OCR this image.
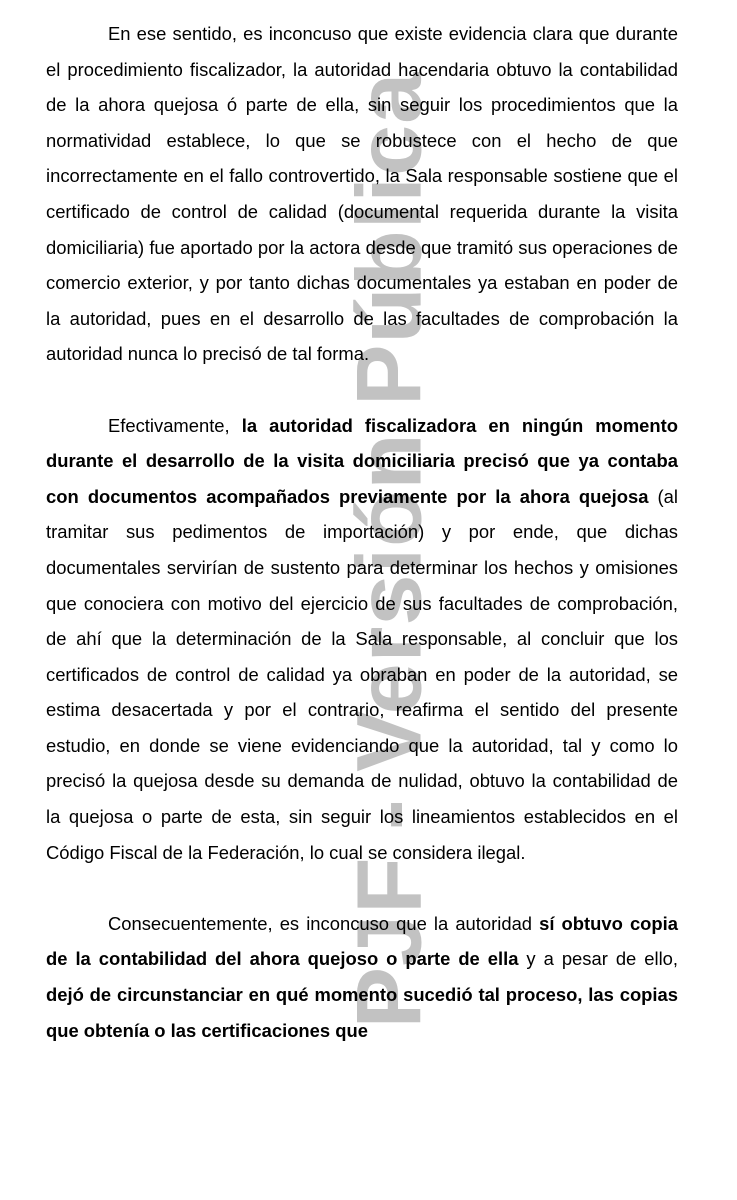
PJF - Versión Pública

En ese sentido, es inconcuso que existe evidencia clara que durante el procedimiento fiscalizador, la autoridad hacendaria obtuvo la contabilidad de la ahora quejosa ó parte de ella, sin seguir los procedimientos que la normatividad establece, lo que se robustece con el hecho de que incorrectamente en el fallo controvertido, la Sala responsable sostiene que el certificado de control de calidad (documental requerida durante la visita domiciliaria) fue aportado por la actora desde que tramitó sus operaciones de comercio exterior, y por tanto dichas documentales ya estaban en poder de la autoridad, pues en el desarrollo de las facultades de comprobación la autoridad nunca lo precisó de tal forma.

Efectivamente, la autoridad fiscalizadora en ningún momento durante el desarrollo de la visita domiciliaria precisó que ya contaba con documentos acompañados previamente por la ahora quejosa (al tramitar sus pedimentos de importación) y por ende, que dichas documentales servirían de sustento para determinar los hechos y omisiones que conociera con motivo del ejercicio de sus facultades de comprobación, de ahí que la determinación de la Sala responsable, al concluir que los certificados de control de calidad ya obraban en poder de la autoridad, se estima desacertada y por el contrario, reafirma el sentido del presente estudio, en donde se viene evidenciando que la autoridad, tal y como lo precisó la quejosa desde su demanda de nulidad, obtuvo la contabilidad de la quejosa o parte de esta, sin seguir los lineamientos establecidos en el Código Fiscal de la Federación, lo cual se considera ilegal.

Consecuentemente, es inconcuso que la autoridad sí obtuvo copia de la contabilidad del ahora quejoso o parte de ella y a pesar de ello, dejó de circunstanciar en qué momento sucedió tal proceso, las copias que obtenía o las certificaciones que
